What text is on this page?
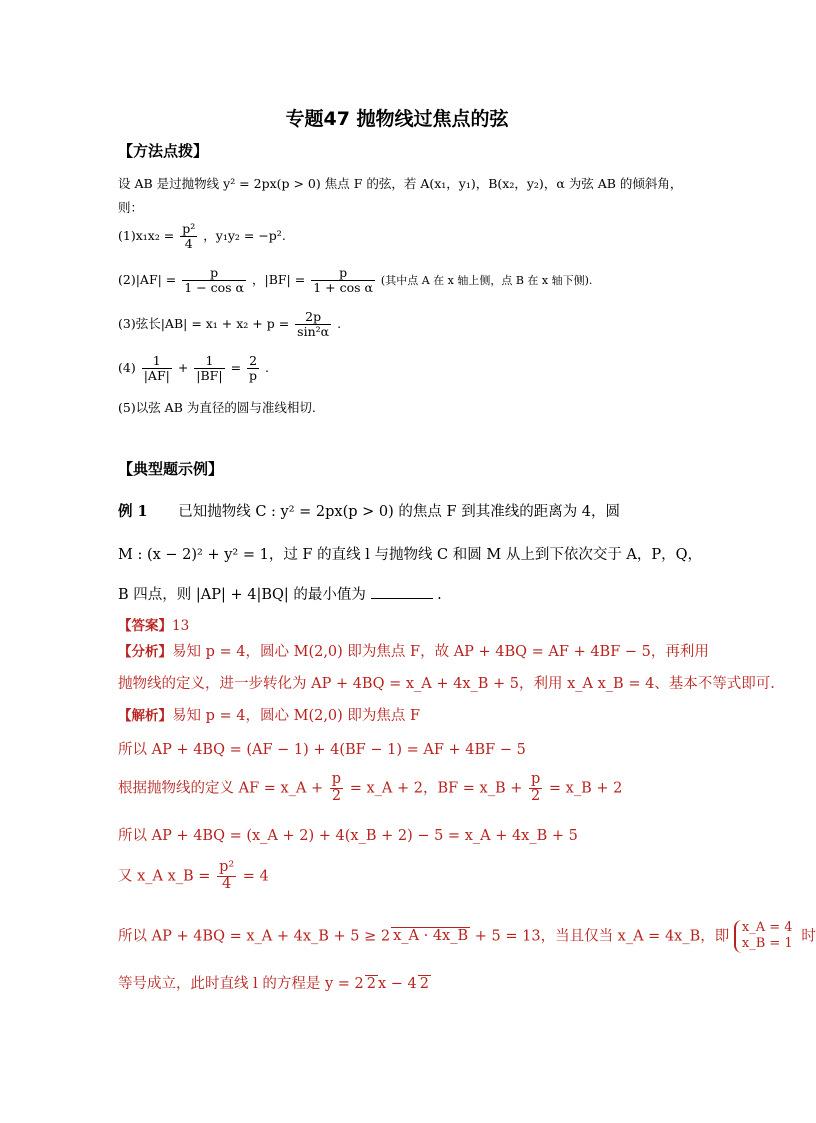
专题47 抛物线过焦点的弦
【方法点拨】
设 AB 是过抛物线 y² = 2px(p > 0) 焦点 F 的弦，若 A(x₁，y₁)，B(x₂，y₂)，α 为弦 AB 的倾斜角，
则：
$(1)x_1x_2 = \frac{\text{p²}}{4}$ ，y₁y₂ = −p².
$(2)|AF| = \frac{p}{\text{1 − cos α}}$ ，$|BF| = \frac{p}{\text{1 + cos α}}$ (其中点 A 在 x 轴上侧，点 B 在 x 轴下侧).
(3)弦长$|AB| = x_1 + x_2 + p = \frac{2p}{\text{sin²α}}$ .
$(4) \frac{1}{|AF|} + \frac{1}{|BF|} = \frac{2}{p}$ .
(5)以弦 AB 为直径的圆与准线相切.
【典型题示例】
例 1 已知抛物线 C : y² = 2px(p > 0) 的焦点 F 到其准线的距离为 4，圆
M : (x − 2)² + y² = 1，过 F 的直线 l 与抛物线 C 和圆 M 从上到下依次交于 A，P，Q，
B 四点，则 |AP| + 4|BQ| 的最小值为	.
【答案】13
【分析】易知 p = 4，圆心 M(2,0) 即为焦点 F，故 AP + 4BQ = AF + 4BF − 5，再利用
抛物线的定义，进一步转化为 AP + 4BQ = x_A + 4x_B + 5，利用 x_A x_B = 4、基本不等式即可.
【解析】易知 p = 4，圆心 M(2,0) 即为焦点 F
所以 AP + 4BQ = (AF − 1) + 4(BF − 1) = AF + 4BF − 5
根据抛物线的定义 AF = x_A + $\frac{p}{2}$ = x_A + 2，BF = x_B + $\frac{p}{2}$ = x_B + 2
所以 AP + 4BQ = (x_A + 2) + 4(x_B + 2) − 5 = x_A + 4x_B + 5
又 x_A x_B = $\frac{\text{p²}}{4} = 4$
所以 AP + 4BQ = x_A + 4x_B + 5 ≥ 2 x_A · 4x_B + 5 = 13，当且仅当 x_A = 4x_B，即
x_A = 4
x_B = 1 时
等号成立，此时直线 l 的方程是 y = 2 2 x − 4 2
